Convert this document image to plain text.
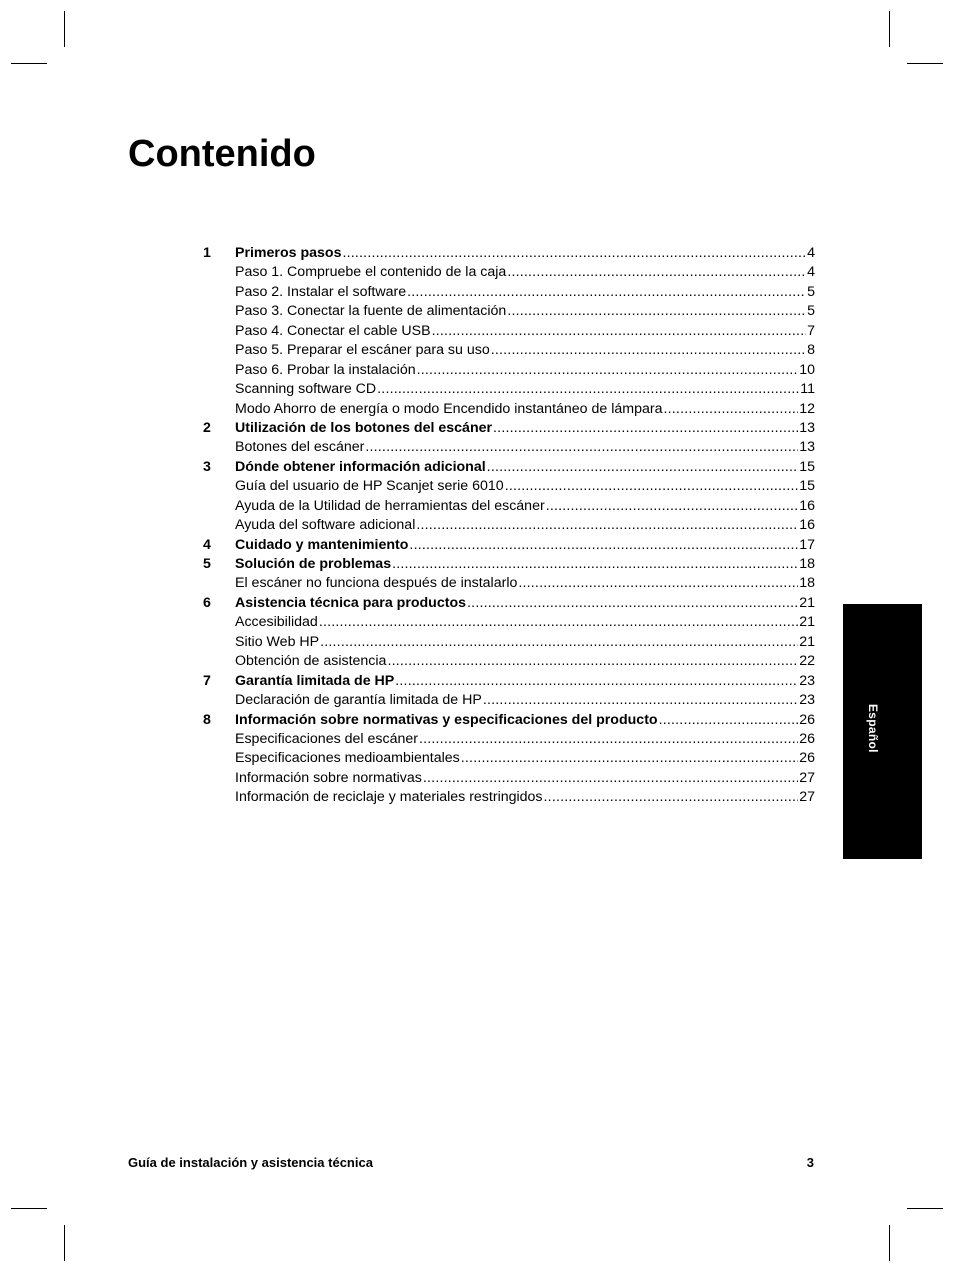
Contenido
1	Primeros pasos .....	4
Paso 1. Compruebe el contenido de la caja .....	4
Paso 2. Instalar el software .....	5
Paso 3. Conectar la fuente de alimentación .....	5
Paso 4. Conectar el cable USB .....	7
Paso 5. Preparar el escáner para su uso .....	8
Paso 6. Probar la instalación .....	10
Scanning software CD .....	11
Modo Ahorro de energía o modo Encendido instantáneo de lámpara .....	12
2	Utilización de los botones del escáner .....	13
Botones del escáner .....	13
3	Dónde obtener información adicional .....	15
Guía del usuario de HP Scanjet serie 6010 .....	15
Ayuda de la Utilidad de herramientas del escáner .....	16
Ayuda del software adicional .....	16
4	Cuidado y mantenimiento .....	17
5	Solución de problemas .....	18
El escáner no funciona después de instalarlo .....	18
6	Asistencia técnica para productos .....	21
Accesibilidad .....	21
Sitio Web HP .....	21
Obtención de asistencia .....	22
7	Garantía limitada de HP .....	23
Declaración de garantía limitada de HP .....	23
8	Información sobre normativas y especificaciones del producto .....	26
Especificaciones del escáner .....	26
Especificaciones medioambientales .....	26
Información sobre normativas .....	27
Información de reciclaje y materiales restringidos .....	27
Español
Guía de instalación y asistencia técnica	3
